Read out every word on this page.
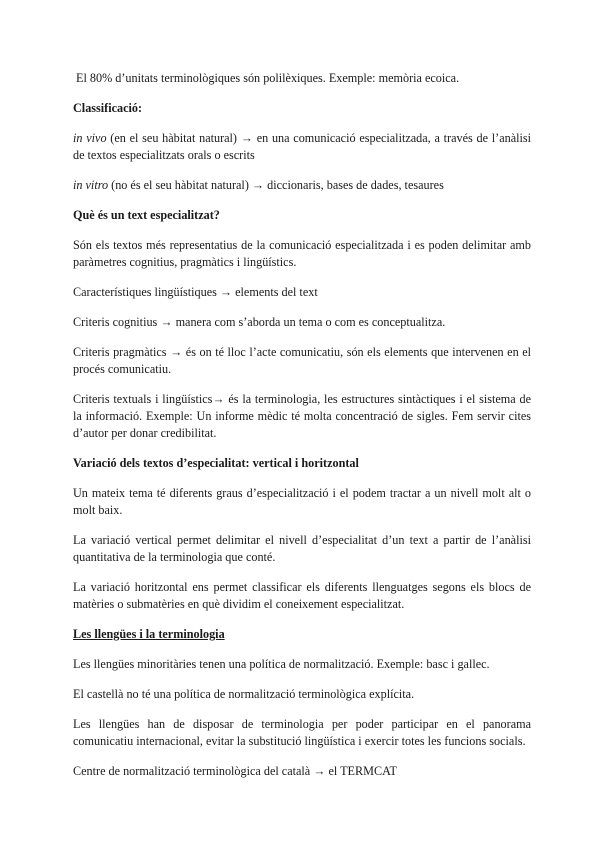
El 80% d’unitats terminològiques són polilèxiques. Exemple: memòria ecoica.

Classificació:

in vivo (en el seu hàbitat natural) → en una comunicació especialitzada, a través de l’anàlisi de textos especialitzats orals o escrits

in vitro (no és el seu hàbitat natural) → diccionaris, bases de dades, tesaures

Què és un text especialitzat?

Són els textos més representatius de la comunicació especialitzada i es poden delimitar amb paràmetres cognitius, pragmàtics i lingüístics.

Característiques lingüístiques → elements del text

Criteris cognitius → manera com s’aborda un tema o com es conceptualitza.

Criteris pragmàtics → és on té lloc l’acte comunicatiu, són els elements que intervenen en el procés comunicatiu.

Criteris textuals i lingüístics→ és la terminologia, les estructures sintàctiques i el sistema de la informació. Exemple: Un informe mèdic té molta concentració de sigles. Fem servir cites d’autor per donar credibilitat.

Variació dels textos d’especialitat: vertical i horitzontal

Un mateix tema té diferents graus d’especialització i el podem tractar a un nivell molt alt o molt baix.

La variació vertical permet delimitar el nivell d’especialitat d’un text a partir de l’anàlisi quantitativa de la terminologia que conté.

La variació horitzontal ens permet classificar els diferents llenguatges segons els blocs de matèries o submatèries en què dividim el coneixement especialitzat.

Les llengües i la terminologia

Les llengües minoritàries tenen una política de normalització. Exemple: basc i gallec.

El castellà no té una política de normalització terminològica explícita.

Les llengües han de disposar de terminologia per poder participar en el panorama comunicatiu internacional, evitar la substitució lingüística i exercir totes les funcions socials.

Centre de normalització terminològica del català → el TERMCAT
